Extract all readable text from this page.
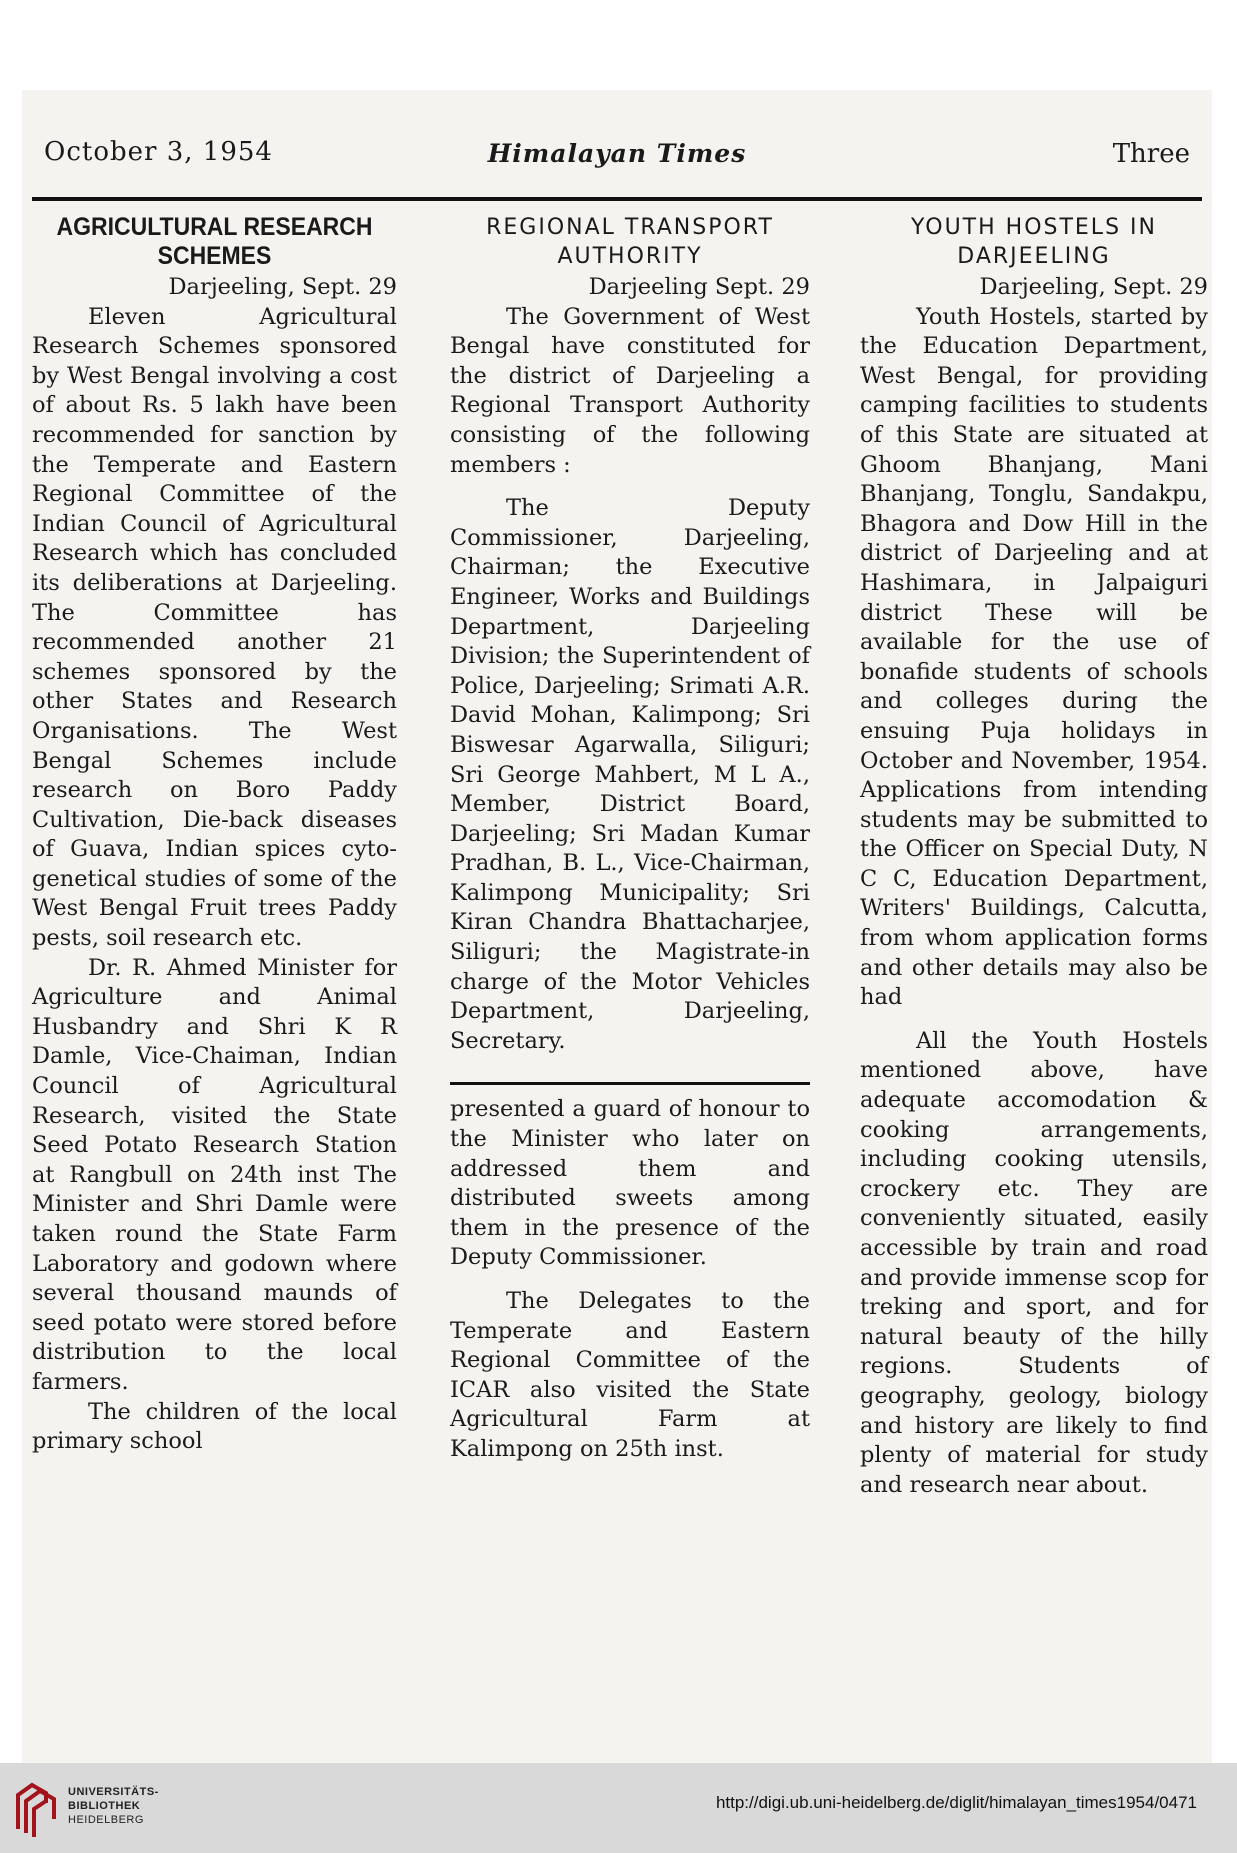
October 3, 1954	Himalayan Times	Three
AGRICULTURAL RESEARCH
SCHEMES
Darjeeling, Sept. 29

Eleven Agricultural Research Schemes sponsored by West Bengal involving a cost of about Rs. 5 lakh have been recommended for sanction by the Temperate and Eastern Regional Committee of the Indian Council of Agricultural Research which has concluded its deliberations at Darjeeling. The Committee has recommended another 21 schemes sponsored by the other States and Research Organisations. The West Bengal Schemes include research on Boro Paddy Cultivation, Die-back diseases of Guava, Indian spices cyto-genetical studies of some of the West Bengal Fruit trees Paddy pests, soil research etc.

Dr. R. Ahmed Minister for Agriculture and Animal Husbandry and Shri K R Damle, Vice-Chaiman, Indian Council of Agricultural Research, visited the State Seed Potato Research Station at Rangbull on 24th inst The Minister and Shri Damle were taken round the State Farm Laboratory and godown where several thousand maunds of seed potato were stored before distribution to the local farmers.

The children of the local primary school

REGIONAL TRANSPORT
AUTHORITY
Darjeeling Sept. 29

The Government of West Bengal have constituted for the district of Darjeeling a Regional Transport Authority consisting of the following members :

The Deputy Commissioner, Darjeeling, Chairman; the Executive Engineer, Works and Buildings Department, Darjeeling Division; the Superintendent of Police, Darjeeling; Srimati A.R. David Mohan, Kalimpong; Sri Biswesar Agarwalla, Siliguri; Sri George Mahbert, M L A., Member, District Board, Darjeeling; Sri Madan Kumar Pradhan, B. L., Vice-Chairman, Kalimpong Municipality; Sri Kiran Chandra Bhattacharjee, Siliguri; the Magistrate-in charge of the Motor Vehicles Department, Darjeeling, Secretary.

presented a guard of honour to the Minister who later on addressed them and distributed sweets among them in the presence of the Deputy Commissioner.

The Delegates to the Temperate and Eastern Regional Committee of the ICAR also visited the State Agricultural Farm at Kalimpong on 25th inst.

YOUTH HOSTELS IN
DARJEELING
Darjeeling, Sept. 29

Youth Hostels, started by the Education Department, West Bengal, for providing camping facilities to students of this State are situated at Ghoom Bhanjang, Mani Bhanjang, Tonglu, Sandakpu, Bhagora and Dow Hill in the district of Darjeeling and at Hashimara, in Jalpaiguri district These will be available for the use of bonafide students of schools and colleges during the ensuing Puja holidays in October and November, 1954. Applications from intending students may be submitted to the Officer on Special Duty, N C C, Education Department, Writers' Buildings, Calcutta, from whom application forms and other details may also be had

All the Youth Hostels mentioned above, have adequate accomodation & cooking arrangements, including cooking utensils, crockery etc. They are conveniently situated, easily accessible by train and road and provide immense scop for treking and sport, and for natural beauty of the hilly regions. Students of geography, geology, biology and history are likely to find plenty of material for study and research near about.

UNIVERSITÄTS-
BIBLIOTHEK
HEIDELBERG
http://digi.ub.uni-heidelberg.de/diglit/himalayan_times1954/0471
